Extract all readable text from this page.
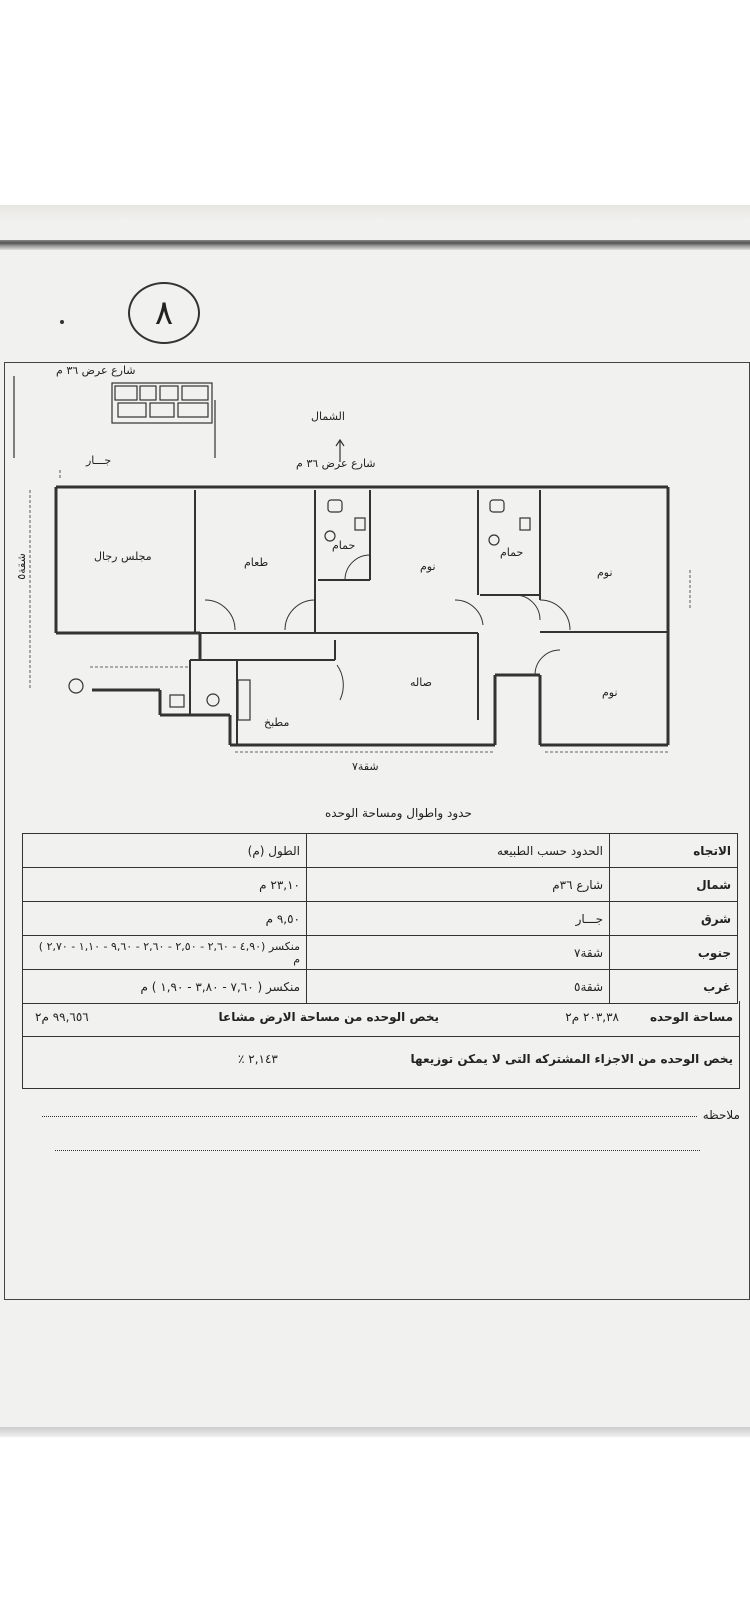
٨
شارع عرض ٣٦ م
الشمال
شارع عرض ٣٦ م
جـــار
شقة٥
شقة٧
مجلس رجال	طعام
حمام
نوم
حمام
نوم
صاله
مطبخ
نوم
حدود واطوال ومساحة الوحده
الاتجاه	الحدود حسب الطبيعه	الطول (م)
شمال	شارع ٣٦م	٢٣,١٠ م
شرق	جـــار	٩,٥٠ م
جنوب	شقة٧	منكسر (٤,٩٠ - ٢,٦٠ - ٢,٥٠ - ٢,٦٠ - ٩,٦٠ - ١,١٠ - ٢,٧٠ ) م
غرب	شقة٥	منكسر ( ٧,٦٠ - ٣,٨٠ - ١,٩٠ ) م
مساحة الوحده
٢٠٣,٣٨ م٢
يخص الوحده من مساحة الارض مشاعا
٩٩,٦٥٦ م٢
يخص الوحده من الاجزاء المشتركه التى لا يمكن توزيعها
٢,١٤٣ ٪
ملاحظه
